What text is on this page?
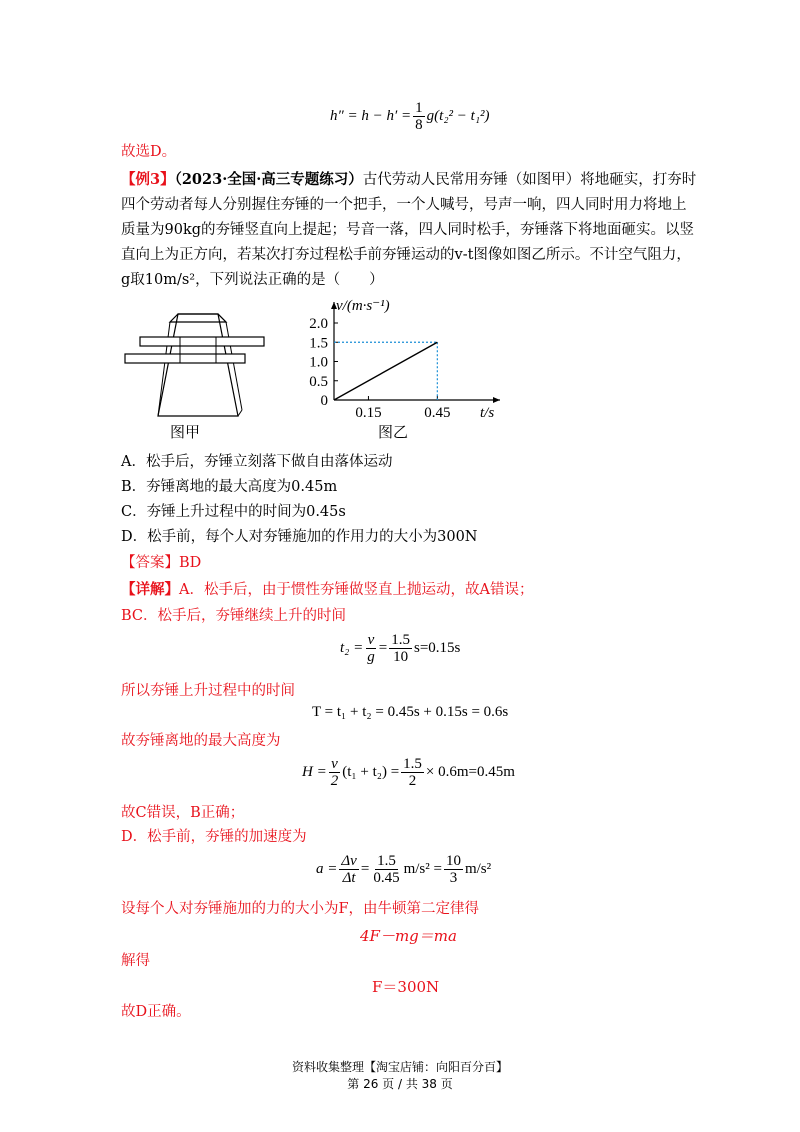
$h'' = h - h' = \frac{1}{8} g(t_2^2 - t_1^2)$
故选D。
【例3】（2023·全国·高三专题练习）古代劳动人民常用夯锤（如图甲）将地砸实，打夯时
四个劳动者每人分别握住夯锤的一个把手，一个人喊号，号声一响，四人同时用力将地上
质量为90kg的夯锤竖直向上提起；号音一落，四人同时松手，夯锤落下将地面砸实。以竖
直向上为正方向，若某次打夯过程松手前夯锤运动的v-t图像如图乙所示。不计空气阻力，
g取10m/s²，下列说法正确的是（　　）
图甲
0
0.5
1.0
1.5
2.0
0.15	0.45
v/(m·s⁻¹)
t/s
图乙
A．松手后，夯锤立刻落下做自由落体运动
B．夯锤离地的最大高度为0.45m
C．夯锤上升过程中的时间为0.45s
D．松手前，每个人对夯锤施加的作用力的大小为300N
【答案】BD
【详解】A．松手后，由于惯性夯锤做竖直上抛运动，故A错误；
BC．松手后，夯锤继续上升的时间
$t_2 = \frac{v}{g} = \frac{1.5}{10} s=0.15s$
所以夯锤上升过程中的时间
T = t₁ + t₂ = 0.45s + 0.15s = 0.6s
故夯锤离地的最大高度为
$H = \frac{v}{2} (t_1 + t_2) = \frac{1.5}{2} \times 0.6m=0.45m$
故C错误，B正确；
D．松手前，夯锤的加速度为
$a = \frac{\Delta v}{\Delta t} = \frac{1.5}{0.45} m/s^2 = \frac{10}{3} m/s^2$
设每个人对夯锤施加的力的大小为F，由牛顿第二定律得
4F－mg＝ma
解得
F＝300N
故D正确。
资料收集整理【淘宝店铺：向阳百分百】
第 26 页 / 共 38 页
